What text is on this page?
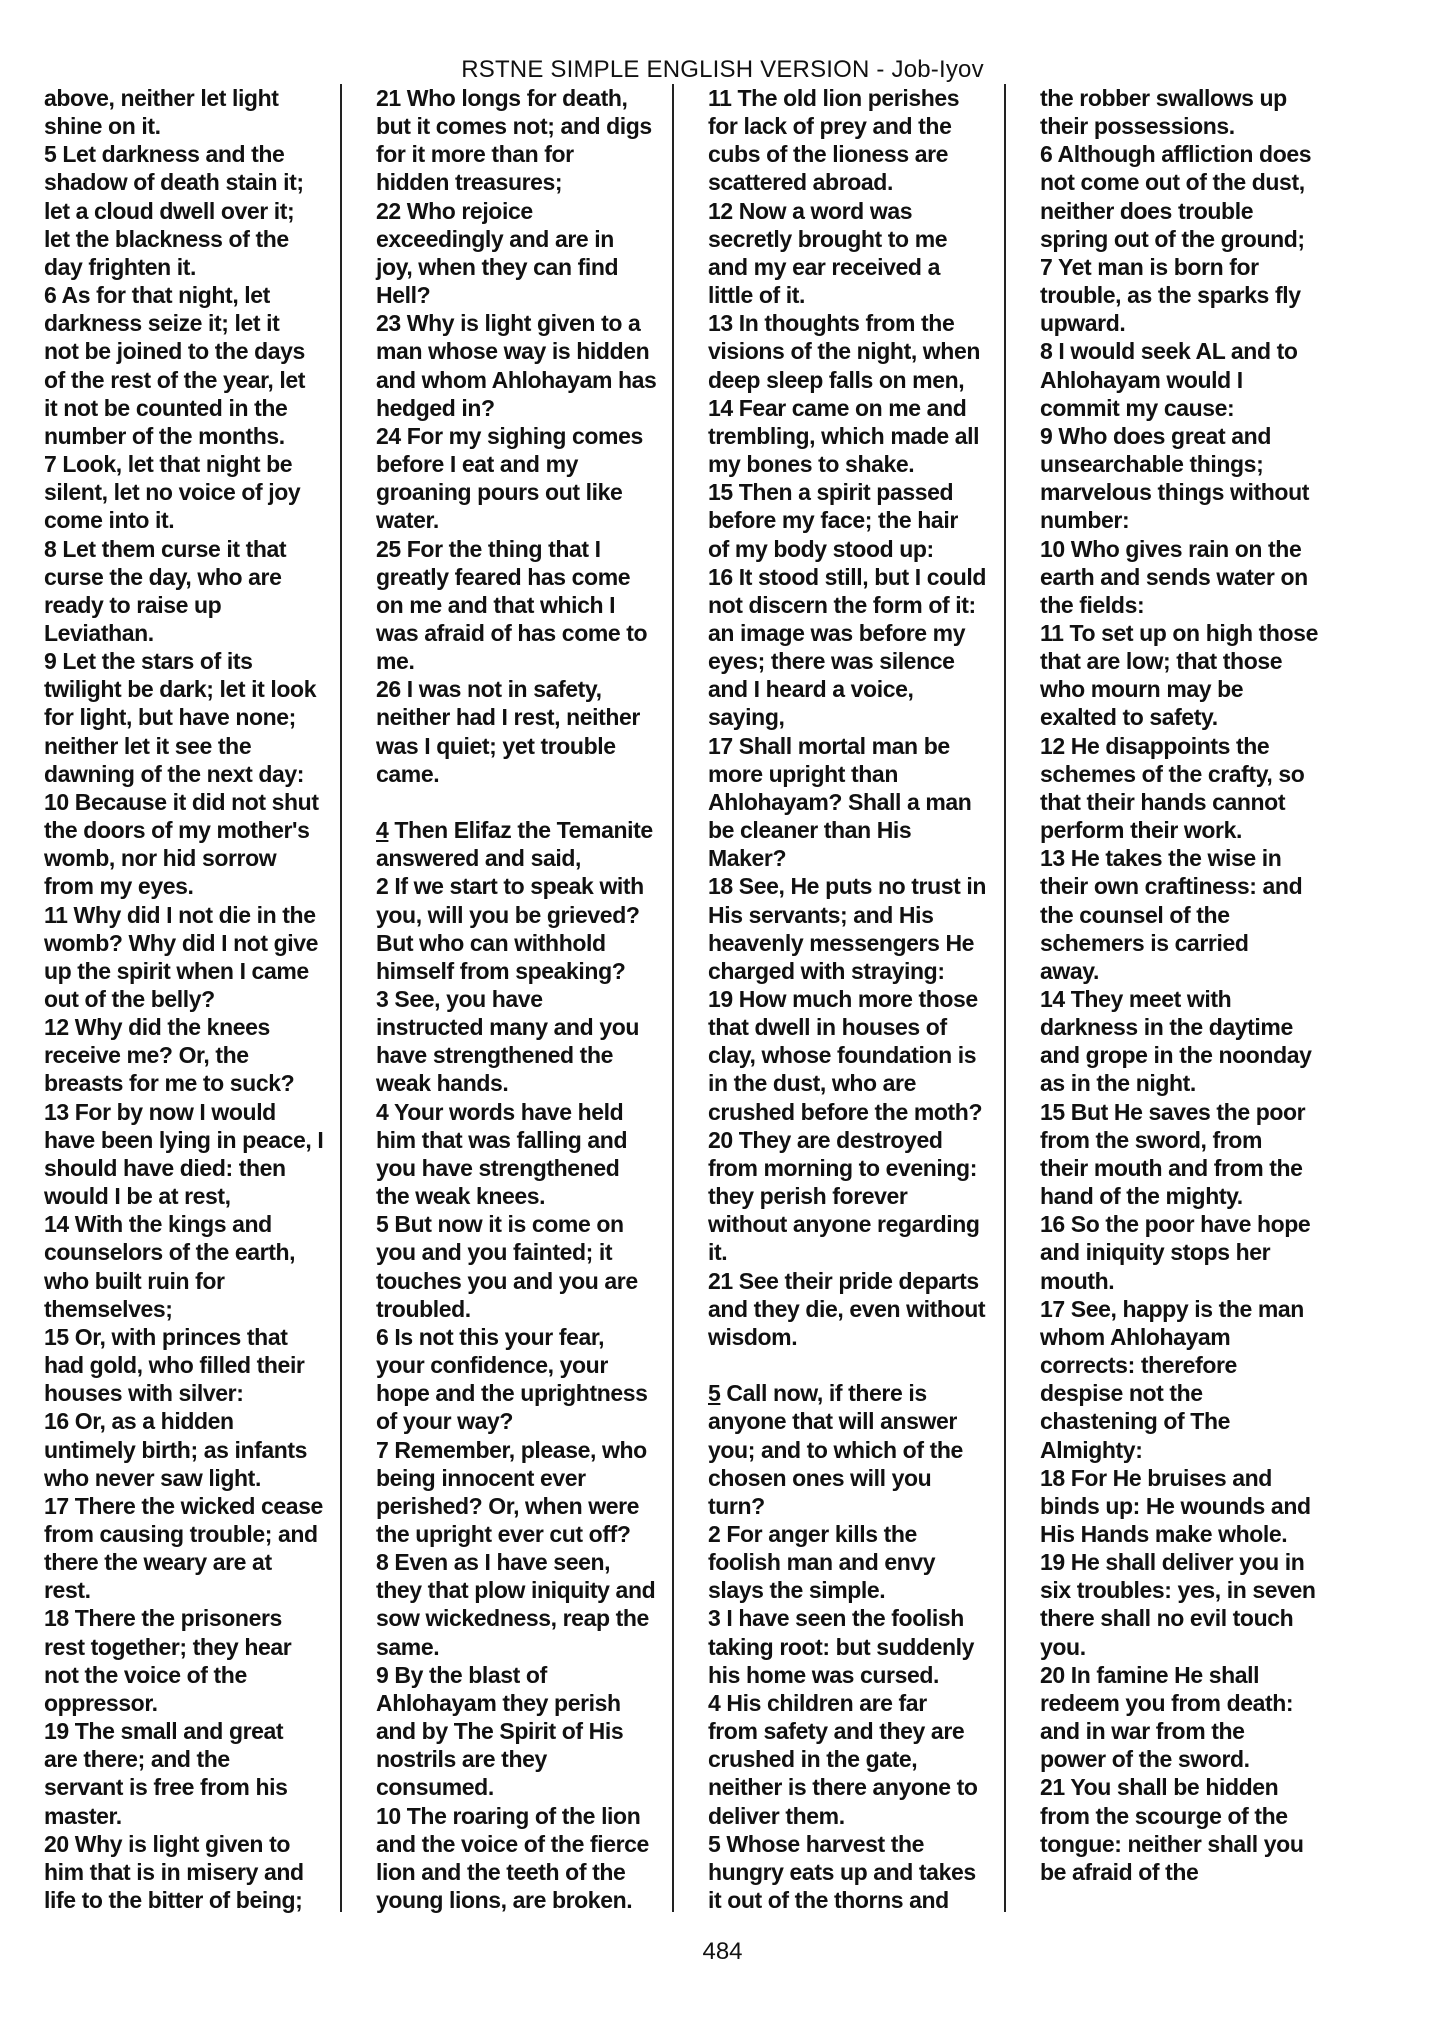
RSTNE SIMPLE ENGLISH VERSION - Job-Iyov
above, neither let light
shine on it.
5 Let darkness and the
shadow of death stain it;
let a cloud dwell over it;
let the blackness of the
day frighten it.
6 As for that night, let
darkness seize it; let it
not be joined to the days
of the rest of the year, let
it not be counted in the
number of the months.
7 Look, let that night be
silent, let no voice of joy
come into it.
8 Let them curse it that
curse the day, who are
ready to raise up
Leviathan.
9 Let the stars of its
twilight be dark; let it look
for light, but have none;
neither let it see the
dawning of the next day:
10 Because it did not shut
the doors of my mother's
womb, nor hid sorrow
from my eyes.
11 Why did I not die in the
womb? Why did I not give
up the spirit when I came
out of the belly?
12 Why did the knees
receive me? Or, the
breasts for me to suck?
13 For by now I would
have been lying in peace, I
should have died: then
would I be at rest,
14 With the kings and
counselors of the earth,
who built ruin for
themselves;
15 Or, with princes that
had gold, who filled their
houses with silver:
16 Or, as a hidden
untimely birth; as infants
who never saw light.
17 There the wicked cease
from causing trouble; and
there the weary are at
rest.
18 There the prisoners
rest together; they hear
not the voice of the
oppressor.
19 The small and great
are there; and the
servant is free from his
master.
20 Why is light given to
him that is in misery and
life to the bitter of being;
21 Who longs for death,
but it comes not; and digs
for it more than for
hidden treasures;
22 Who rejoice
exceedingly and are in
joy, when they can find
Hell?
23 Why is light given to a
man whose way is hidden
and whom Ahlohayam has
hedged in?
24 For my sighing comes
before I eat and my
groaning pours out like
water.
25 For the thing that I
greatly feared has come
on me and that which I
was afraid of has come to
me.
26 I was not in safety,
neither had I rest, neither
was I quiet; yet trouble
came.

4 Then Elifaz the Temanite
answered and said,
2 If we start to speak with
you, will you be grieved?
But who can withhold
himself from speaking?
3 See, you have
instructed many and you
have strengthened the
weak hands.
4 Your words have held
him that was falling and
you have strengthened
the weak knees.
5 But now it is come on
you and you fainted; it
touches you and you are
troubled.
6 Is not this your fear,
your confidence, your
hope and the uprightness
of your way?
7 Remember, please, who
being innocent ever
perished? Or, when were
the upright ever cut off?
8 Even as I have seen,
they that plow iniquity and
sow wickedness, reap the
same.
9 By the blast of
Ahlohayam they perish
and by The Spirit of His
nostrils are they
consumed.
10 The roaring of the lion
and the voice of the fierce
lion and the teeth of the
young lions, are broken.
11 The old lion perishes
for lack of prey and the
cubs of the lioness are
scattered abroad.
12 Now a word was
secretly brought to me
and my ear received a
little of it.
13 In thoughts from the
visions of the night, when
deep sleep falls on men,
14 Fear came on me and
trembling, which made all
my bones to shake.
15 Then a spirit passed
before my face; the hair
of my body stood up:
16 It stood still, but I could
not discern the form of it:
an image was before my
eyes; there was silence
and I heard a voice,
saying,
17 Shall mortal man be
more upright than
Ahlohayam? Shall a man
be cleaner than His
Maker?
18 See, He puts no trust in
His servants; and His
heavenly messengers He
charged with straying:
19 How much more those
that dwell in houses of
clay, whose foundation is
in the dust, who are
crushed before the moth?
20 They are destroyed
from morning to evening:
they perish forever
without anyone regarding
it.
21 See their pride departs
and they die, even without
wisdom.

5 Call now, if there is
anyone that will answer
you; and to which of the
chosen ones will you
turn?
2 For anger kills the
foolish man and envy
slays the simple.
3 I have seen the foolish
taking root: but suddenly
his home was cursed.
4 His children are far
from safety and they are
crushed in the gate,
neither is there anyone to
deliver them.
5 Whose harvest the
hungry eats up and takes
it out of the thorns and
the robber swallows up
their possessions.
6 Although affliction does
not come out of the dust,
neither does trouble
spring out of the ground;
7 Yet man is born for
trouble, as the sparks fly
upward.
8 I would seek AL and to
Ahlohayam would I
commit my cause:
9 Who does great and
unsearchable things;
marvelous things without
number:
10 Who gives rain on the
earth and sends water on
the fields:
11 To set up on high those
that are low; that those
who mourn may be
exalted to safety.
12 He disappoints the
schemes of the crafty, so
that their hands cannot
perform their work.
13 He takes the wise in
their own craftiness: and
the counsel of the
schemers is carried
away.
14 They meet with
darkness in the daytime
and grope in the noonday
as in the night.
15 But He saves the poor
from the sword, from
their mouth and from the
hand of the mighty.
16 So the poor have hope
and iniquity stops her
mouth.
17 See, happy is the man
whom Ahlohayam
corrects: therefore
despise not the
chastening of The
Almighty:
18 For He bruises and
binds up: He wounds and
His Hands make whole.
19 He shall deliver you in
six troubles: yes, in seven
there shall no evil touch
you.
20 In famine He shall
redeem you from death:
and in war from the
power of the sword.
21 You shall be hidden
from the scourge of the
tongue: neither shall you
be afraid of the
484
